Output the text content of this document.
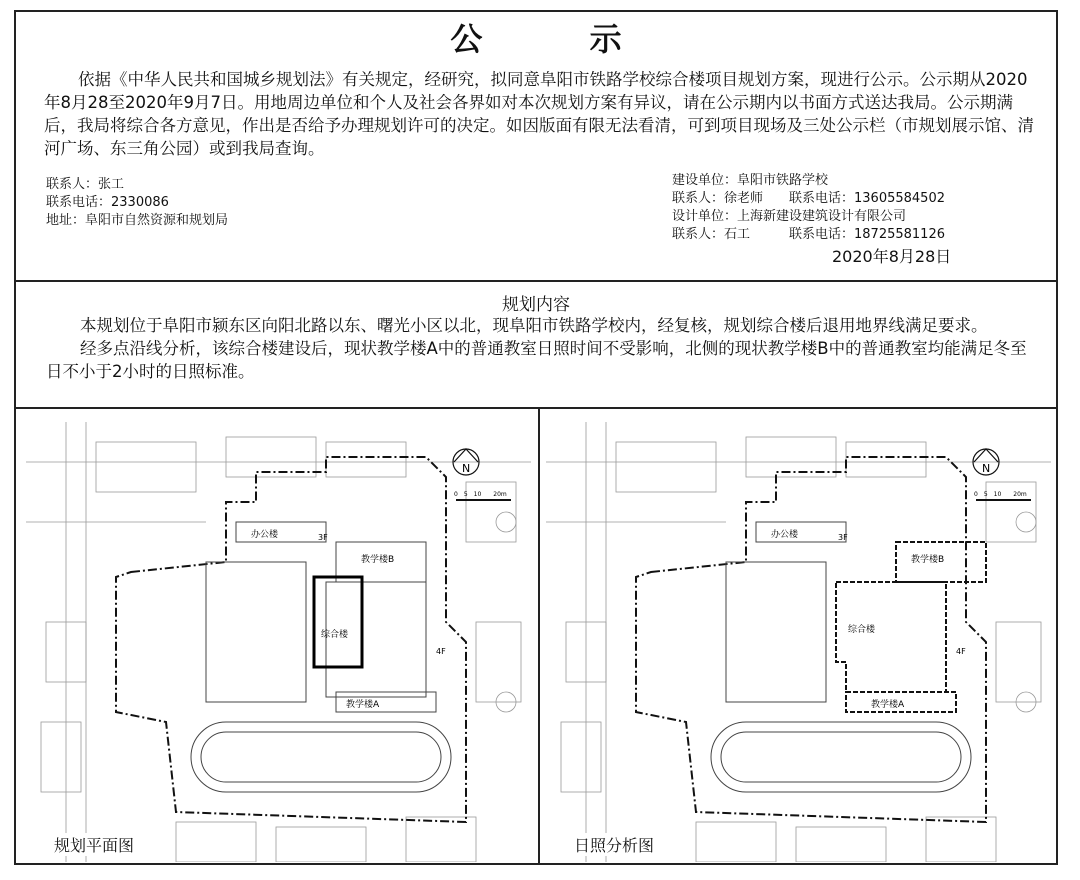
公 示
依据《中华人民共和国城乡规划法》有关规定，经研究，拟同意阜阳市铁路学校综合楼项目规划方案，现进行公示。公示期从2020年8月28至2020年9月7日。用地周边单位和个人及社会各界如对本次规划方案有异议，请在公示期内以书面方式送达我局。公示期满后，我局将综合各方意见，作出是否给予办理规划许可的决定。如因版面有限无法看清，可到项目现场及三处公示栏（市规划展示馆、清河广场、东三角公园）或到我局查询。
联系人：张工
联系电话：2330086
地址：阜阳市自然资源和规划局
建设单位：阜阳市铁路学校
联系人：徐老师　　联系电话：13605584502
设计单位：上海新建设建筑设计有限公司
联系人：石工　　　联系电话：18725581126
2020年8月28日
规划内容

本规划位于阜阳市颍东区向阳北路以东、曙光小区以北，现阜阳市铁路学校内，经复核，规划综合楼后退用地界线满足要求。

经多点沿线分析，该综合楼建设后，现状教学楼A中的普通教室日照时间不受影响，北侧的现状教学楼B中的普通教室均能满足冬至日不小于2小时的日照标准。

办公楼
教学楼B
教学楼A
综合楼
3F
4F
N
0　5　10　　20m
规划平面图
办公楼
教学楼B
教学楼A
综合楼
3F
4F
N
0　5　10　　20m
日照分析图
